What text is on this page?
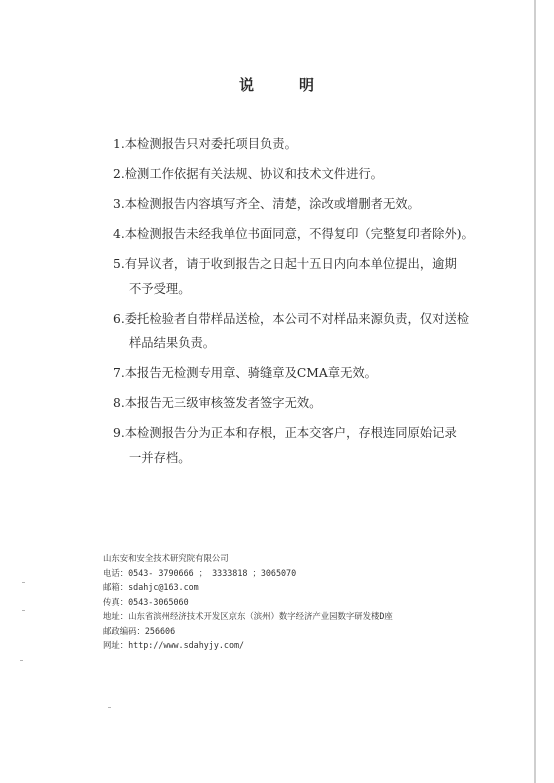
说	明
1.本检测报告只对委托项目负责。
2.检测工作依据有关法规、协议和技术文件进行。
3.本检测报告内容填写齐全、清楚，涂改或增删者无效。
4.本检测报告未经我单位书面同意，不得复印（完整复印者除外)。
5.有异议者，请于收到报告之日起十五日内向本单位提出，逾期
不予受理。
6.委托检验者自带样品送检，本公司不对样品来源负责，仅对送检
样品结果负责。
7.本报告无检测专用章、骑缝章及CMA章无效。
8.本报告无三级审核签发者签字无效。
9.本检测报告分为正本和存根，正本交客户，存根连同原始记录
一并存档。
山东安和安全技术研究院有限公司
电话：0543- 3790666 ； 3333818 ；3065070
邮箱：sdahjc@163.com
传真：0543-3065060
地址：山东省滨州经济技术开发区京东（滨州）数字经济产业园数字研发楼D座
邮政编码：256606
网址：http://www.sdahyjy.com/
